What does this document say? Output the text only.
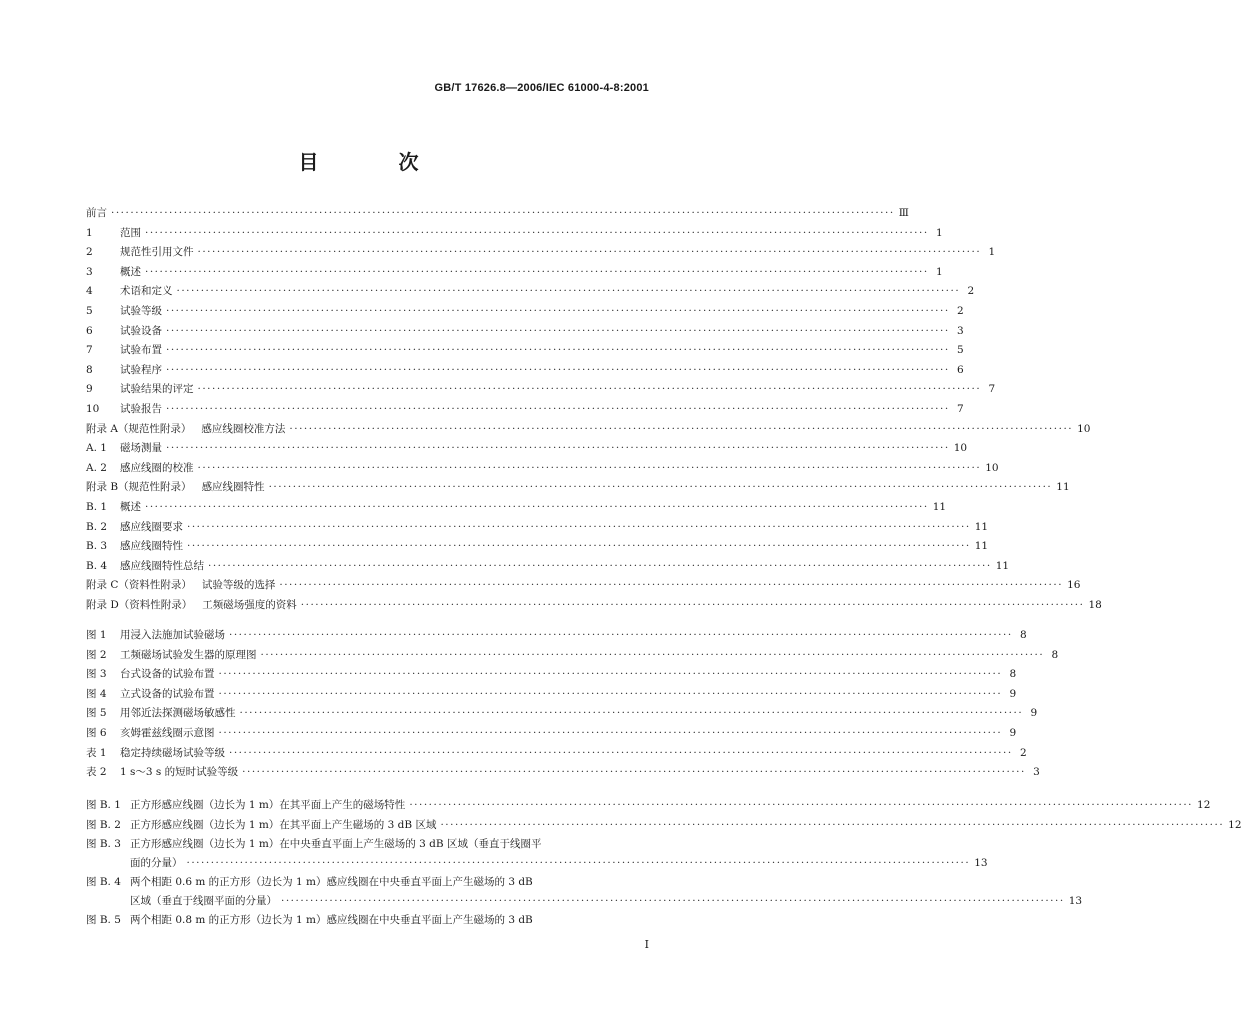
GB/T 17626.8—2006/IEC 61000-4-8:2001
目　次
前言 ·····	Ⅲ
1	范围 ·····	1
2	规范性引用文件 ·····	1
3	概述 ·····	1
4	术语和定义 ·····	2
5	试验等级 ·····	2
6	试验设备 ·····	3
7	试验布置 ·····	5
8	试验程序 ·····	6
9	试验结果的评定 ·····	7
10	试验报告 ·····	7
附录 A（规范性附录） 感应线圈校准方法 ·····	10
A. 1	磁场测量 ·····	10
A. 2	感应线圈的校准 ·····	10
附录 B（规范性附录） 感应线圈特性 ·····	11
B. 1	概述 ·····	11
B. 2	感应线圈要求 ·····	11
B. 3	感应线圈特性 ·····	11
B. 4	感应线圈特性总结 ·····	11
附录 C（资料性附录） 试验等级的选择 ·····	16
附录 D（资料性附录） 工频磁场强度的资料 ·····	18
图 1	用浸入法施加试验磁场 ·····	8
图 2	工频磁场试验发生器的原理图 ·····	8
图 3	台式设备的试验布置 ·····	8
图 4	立式设备的试验布置 ·····	9
图 5	用邻近法探测磁场敏感性 ·····	9
图 6	亥姆霍兹线圈示意图 ·····	9
表 1	稳定持续磁场试验等级 ·····	2
表 2	1 s～3 s 的短时试验等级 ·····	3
图 B. 1 正方形感应线圈（边长为 1 m）在其平面上产生的磁场特性 ·····	12
图 B. 2 正方形感应线圈（边长为 1 m）在其平面上产生磁场的 3 dB 区域 ·····	12
图 B. 3 正方形感应线圈（边长为 1 m）在中央垂直平面上产生磁场的 3 dB 区域（垂直于线圈平
面的分量） ·····	13
图 B. 4 两个相距 0.6 m 的正方形（边长为 1 m）感应线圈在中央垂直平面上产生磁场的 3 dB
区域（垂直于线圈平面的分量） ·····	13
图 B. 5 两个相距 0.8 m 的正方形（边长为 1 m）感应线圈在中央垂直平面上产生磁场的 3 dB
I
